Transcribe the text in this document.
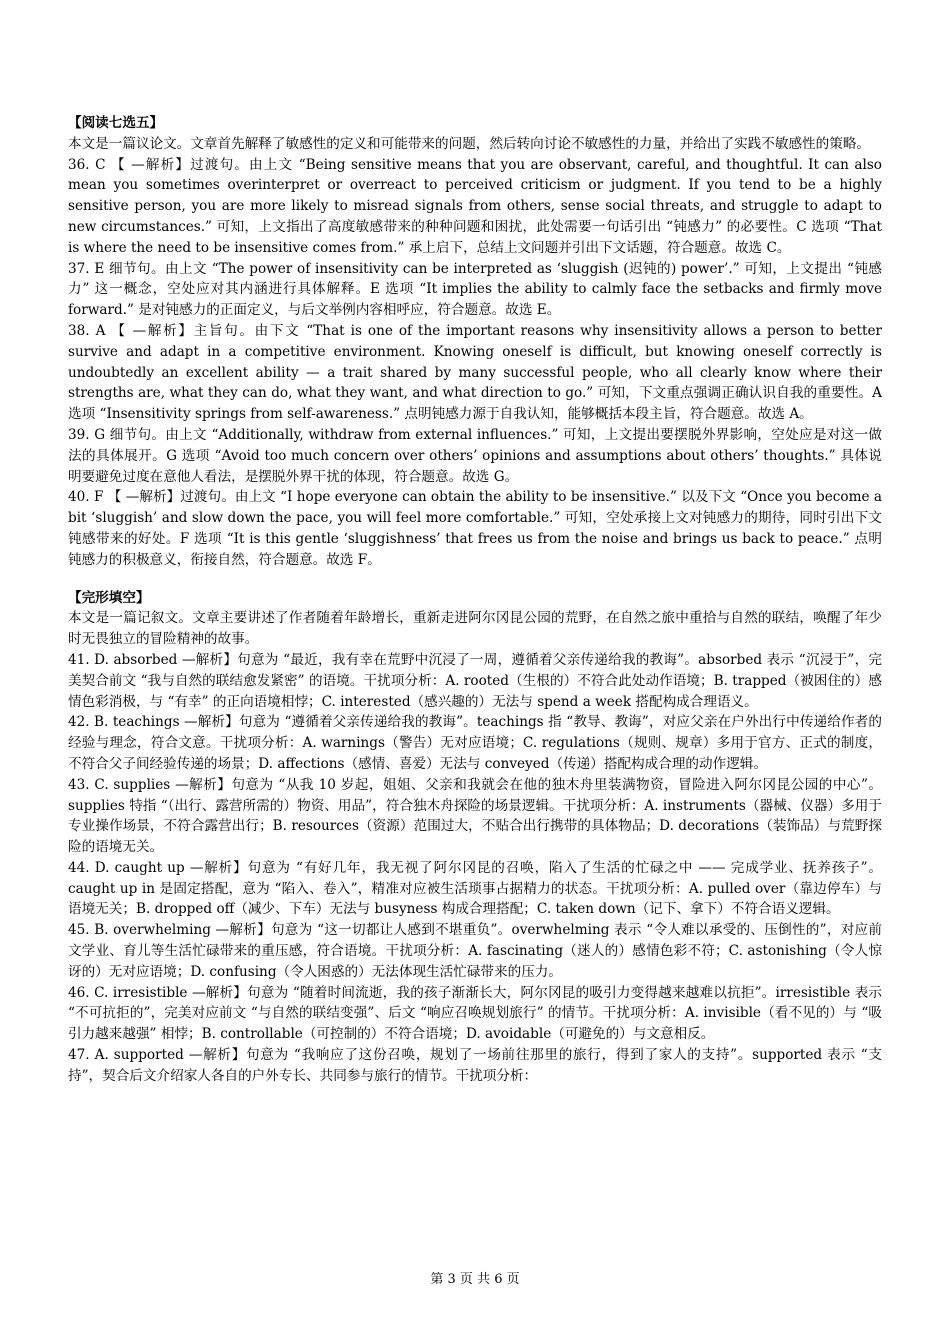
【阅读七选五】

本文是一篇议论文。文章首先解释了敏感性的定义和可能带来的问题，然后转向讨论不敏感性的力量，并给出了实践不敏感性的策略。

36. C 【 —解析】过渡句。由上文 “Being sensitive means that you are observant, careful, and thoughtful. It can also mean you sometimes overinterpret or overreact to perceived criticism or judgment. If you tend to be a highly sensitive person, you are more likely to misread signals from others, sense social threats, and struggle to adapt to new circumstances.” 可知，上文指出了高度敏感带来的种种问题和困扰，此处需要一句话引出 “钝感力” 的必要性。C 选项 “That is where the need to be insensitive comes from.” 承上启下，总结上文问题并引出下文话题，符合题意。故选 C。

37. E 细节句。由上文 “The power of insensitivity can be interpreted as ‘sluggish (迟钝的) power’.” 可知，上文提出 “钝感力” 这一概念，空处应对其内涵进行具体解释。E 选项 “It implies the ability to calmly face the setbacks and firmly move forward.” 是对钝感力的正面定义，与后文举例内容相呼应，符合题意。故选 E。

38. A 【 —解析】主旨句。由下文 “That is one of the important reasons why insensitivity allows a person to better survive and adapt in a competitive environment. Knowing oneself is difficult, but knowing oneself correctly is undoubtedly an excellent ability — a trait shared by many successful people, who all clearly know where their strengths are, what they can do, what they want, and what direction to go.” 可知，下文重点强调正确认识自我的重要性。A 选项 “Insensitivity springs from self-awareness.” 点明钝感力源于自我认知，能够概括本段主旨，符合题意。故选 A。

39. G 细节句。由上文 “Additionally, withdraw from external influences.” 可知，上文提出要摆脱外界影响，空处应是对这一做法的具体展开。G 选项 “Avoid too much concern over others’ opinions and assumptions about others’ thoughts.” 具体说明要避免过度在意他人看法，是摆脱外界干扰的体现，符合题意。故选 G。

40. F 【 —解析】过渡句。由上文 “I hope everyone can obtain the ability to be insensitive.” 以及下文 “Once you become a bit ‘sluggish’ and slow down the pace, you will feel more comfortable.” 可知，空处承接上文对钝感力的期待，同时引出下文钝感带来的好处。F 选项 “It is this gentle ‘sluggishness’ that frees us from the noise and brings us back to peace.” 点明钝感力的积极意义，衔接自然，符合题意。故选 F。

【完形填空】

本文是一篇记叙文。文章主要讲述了作者随着年龄增长，重新走进阿尔冈昆公园的荒野，在自然之旅中重拾与自然的联结，唤醒了年少时无畏独立的冒险精神的故事。

41. D. absorbed —解析】句意为 “最近，我有幸在荒野中沉浸了一周，遵循着父亲传递给我的教诲”。absorbed 表示 “沉浸于”，完美契合前文 “我与自然的联结愈发紧密” 的语境。干扰项分析：A. rooted（生根的）不符合此处动作语境；B. trapped（被困住的）感情色彩消极，与 “有幸” 的正向语境相悖；C. interested（感兴趣的）无法与 spend a week 搭配构成合理语义。

42. B. teachings —解析】句意为 “遵循着父亲传递给我的教诲”。teachings 指 “教导、教诲”，对应父亲在户外出行中传递给作者的经验与理念，符合文意。干扰项分析：A. warnings（警告）无对应语境；C. regulations（规则、规章）多用于官方、正式的制度，不符合父子间经验传递的场景；D. affections（感情、喜爱）无法与 conveyed（传递）搭配构成合理的动作逻辑。

43. C. supplies —解析】句意为 “从我 10 岁起，姐姐、父亲和我就会在他的独木舟里装满物资，冒险进入阿尔冈昆公园的中心”。supplies 特指 “（出行、露营所需的）物资、用品”，符合独木舟探险的场景逻辑。干扰项分析：A. instruments（器械、仪器）多用于专业操作场景，不符合露营出行；B. resources（资源）范围过大，不贴合出行携带的具体物品；D. decorations（装饰品）与荒野探险的语境无关。

44. D. caught up —解析】句意为 “有好几年，我无视了阿尔冈昆的召唤，陷入了生活的忙碌之中 —— 完成学业、抚养孩子”。caught up in 是固定搭配，意为 “陷入、卷入”，精准对应被生活琐事占据精力的状态。干扰项分析：A. pulled over（靠边停车）与语境无关；B. dropped off（减少、下车）无法与 busyness 构成合理搭配；C. taken down（记下、拿下）不符合语义逻辑。

45. B. overwhelming —解析】句意为 “这一切都让人感到不堪重负”。overwhelming 表示 “令人难以承受的、压倒性的”，对应前文学业、育儿等生活忙碌带来的重压感，符合语境。干扰项分析：A. fascinating（迷人的）感情色彩不符；C. astonishing（令人惊讶的）无对应语境；D. confusing（令人困惑的）无法体现生活忙碌带来的压力。

46. C. irresistible —解析】句意为 “随着时间流逝，我的孩子渐渐长大，阿尔冈昆的吸引力变得越来越难以抗拒”。irresistible 表示 “不可抗拒的”，完美对应前文 “与自然的联结变强”、后文 “响应召唤规划旅行” 的情节。干扰项分析：A. invisible（看不见的）与 “吸引力越来越强” 相悖；B. controllable（可控制的）不符合语境；D. avoidable（可避免的）与文意相反。

47. A. supported —解析】句意为 “我响应了这份召唤，规划了一场前往那里的旅行，得到了家人的支持”。supported 表示 “支持”，契合后文介绍家人各自的户外专长、共同参与旅行的情节。干扰项分析：

第 3 页 共 6 页
